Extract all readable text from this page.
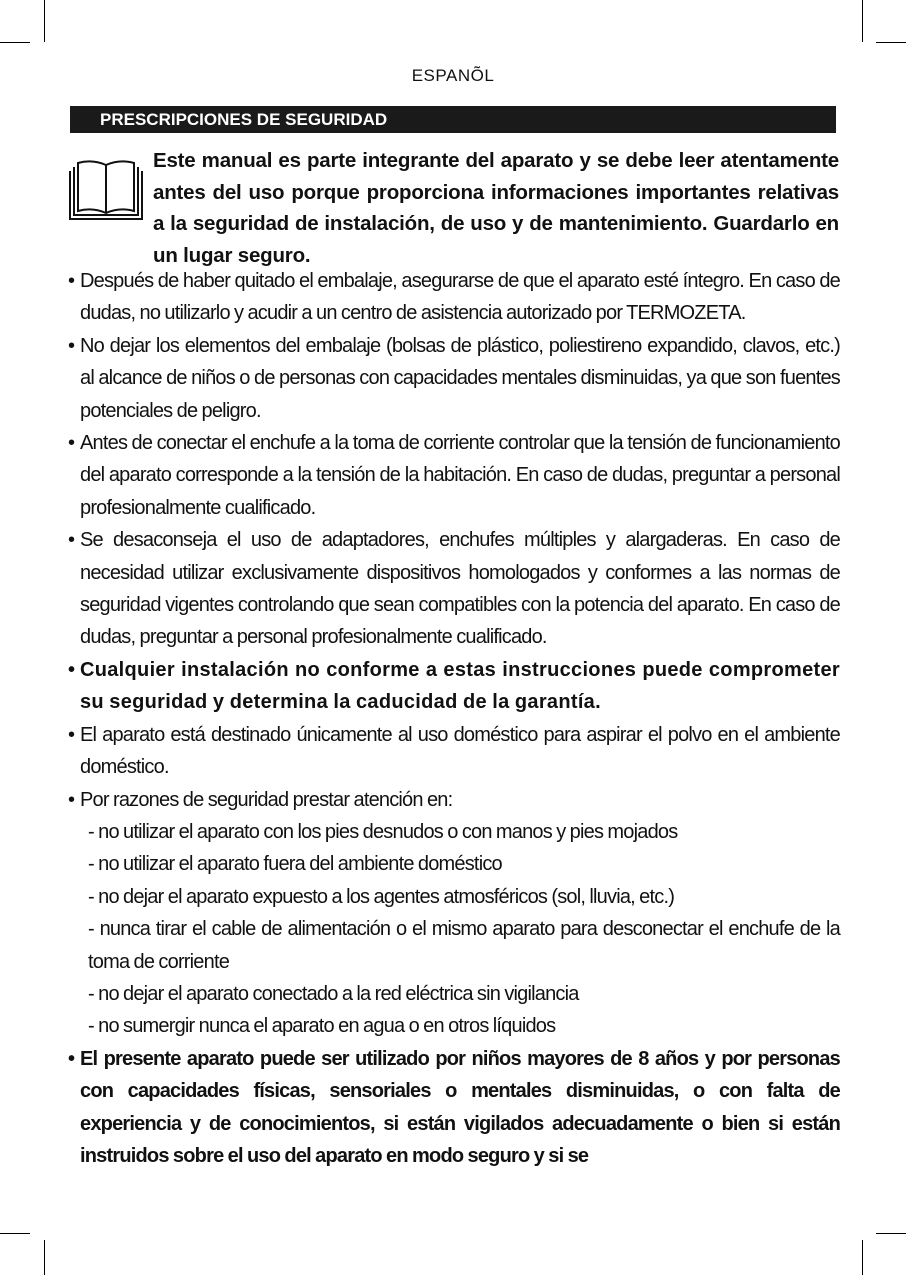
ESPANÕL
PRESCRIPCIONES DE SEGURIDAD
Este manual es parte integrante del aparato y se debe leer atentamente antes del uso porque proporciona informaciones importantes relativas a la seguridad de instalación, de uso y de mantenimiento. Guardarlo en un lugar seguro.
• Después de haber quitado el embalaje, asegurarse de que el aparato esté íntegro. En caso de dudas, no utilizarlo y acudir a un centro de asistencia autorizado por TERMOZETA.
• No dejar los elementos del embalaje (bolsas de plástico, poliestireno expandido, clavos, etc.) al alcance de niños o de personas con capacidades mentales disminuidas, ya que son fuentes potenciales de peligro.
• Antes de conectar el enchufe a la toma de corriente controlar que la tensión de funcionamiento del aparato corresponde a la tensión de la habitación. En caso de dudas, preguntar a personal profesionalmente cualificado.
• Se desaconseja el uso de adaptadores, enchufes múltiples y alargaderas. En caso de necesidad utilizar exclusivamente dispositivos homologados y conformes a las normas de seguridad vigentes controlando que sean compatibles con la potencia del aparato. En caso de dudas, preguntar a personal profesionalmente cualificado.
• Cualquier instalación no conforme a estas instrucciones puede comprometer su seguridad y determina la caducidad de la garantía.
• El aparato está destinado únicamente al uso doméstico para aspirar el polvo en el ambiente doméstico.
• Por razones de seguridad prestar atención en:
- no utilizar el aparato con los pies desnudos o con manos y pies mojados
- no utilizar el aparato fuera del ambiente doméstico
- no dejar el aparato expuesto a los agentes atmosféricos (sol, lluvia, etc.)
- nunca tirar el cable de alimentación o el mismo aparato para desconectar el enchufe de la toma de corriente
- no dejar el aparato conectado a la red eléctrica sin vigilancia
- no sumergir nunca el aparato en agua o en otros líquidos
• El presente aparato puede ser utilizado por niños mayores de 8 años y por personas con capacidades físicas, sensoriales o mentales disminuidas, o con falta de experiencia y de conocimientos, si están vigilados adecuadamente o bien si están instruidos sobre el uso del aparato en modo seguro y si se
